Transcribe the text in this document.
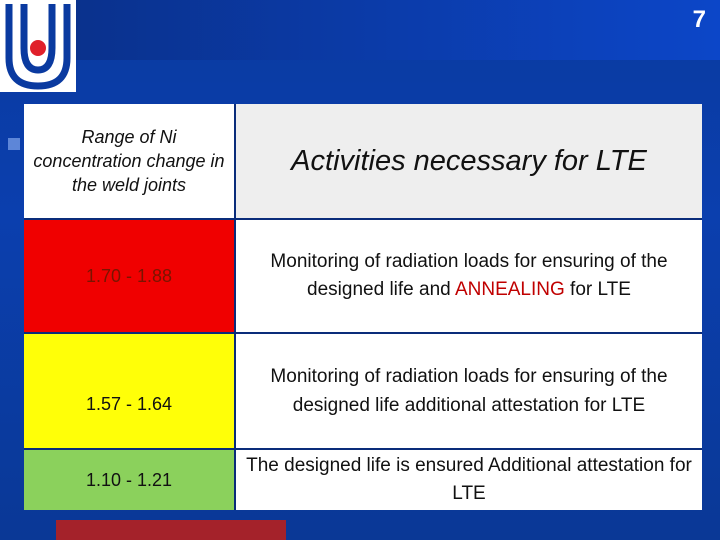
7
Range of Ni concentration change in the weld joints
Activities necessary for LTE
1.70 - 1.88
Monitoring of radiation loads for ensuring of the designed life and ANNEALING for LTE
1.57 - 1.64
Monitoring of radiation loads for ensuring of the designed life additional attestation for LTE
1.10 - 1.21
The designed life is ensured Additional attestation for LTE
